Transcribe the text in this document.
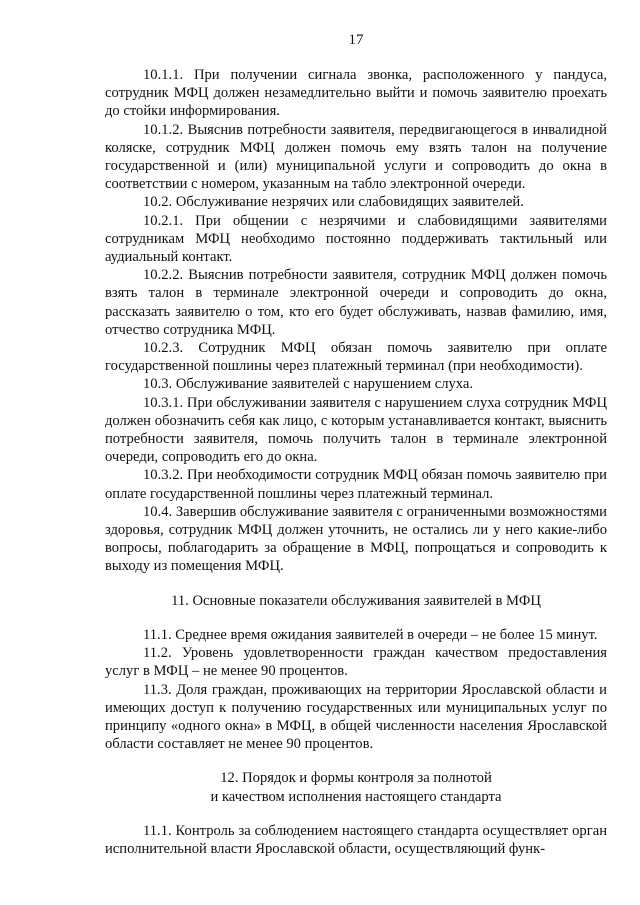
17

10.1.1. При получении сигнала звонка, расположенного у пандуса, сотрудник МФЦ должен незамедлительно выйти и помочь заявителю проехать до стойки информирования.

10.1.2. Выяснив потребности заявителя, передвигающегося в инвалидной коляске, сотрудник МФЦ должен помочь ему взять талон на получение государственной и (или) муниципальной услуги и сопроводить до окна в соответствии с номером, указанным на табло электронной очереди.

10.2. Обслуживание незрячих или слабовидящих заявителей.

10.2.1. При общении с незрячими и слабовидящими заявителями сотрудникам МФЦ необходимо постоянно поддерживать тактильный или аудиальный контакт.

10.2.2. Выяснив потребности заявителя, сотрудник МФЦ должен помочь взять талон в терминале электронной очереди и сопроводить до окна, рассказать заявителю о том, кто его будет обслуживать, назвав фамилию, имя, отчество сотрудника МФЦ.

10.2.3. Сотрудник МФЦ обязан помочь заявителю при оплате государственной пошлины через платежный терминал (при необходимости).

10.3. Обслуживание заявителей с нарушением слуха.

10.3.1. При обслуживании заявителя с нарушением слуха сотрудник МФЦ должен обозначить себя как лицо, с которым устанавливается контакт, выяснить потребности заявителя, помочь получить талон в терминале электронной очереди, сопроводить его до окна.

10.3.2. При необходимости сотрудник МФЦ обязан помочь заявителю при оплате государственной пошлины через платежный терминал.

10.4. Завершив обслуживание заявителя с ограниченными возможностями здоровья, сотрудник МФЦ должен уточнить, не остались ли у него какие-либо вопросы, поблагодарить за обращение в МФЦ, попрощаться и сопроводить к выходу из помещения МФЦ.

11. Основные показатели обслуживания заявителей в МФЦ

11.1. Среднее время ожидания заявителей в очереди – не более 15 минут.

11.2. Уровень удовлетворенности граждан качеством предоставления услуг в МФЦ – не менее 90 процентов.

11.3. Доля граждан, проживающих на территории Ярославской области и имеющих доступ к получению государственных или муниципальных услуг по принципу «одного окна» в МФЦ, в общей численности населения Ярославской области составляет не менее 90 процентов.

12. Порядок и формы контроля за полнотой
и качеством исполнения настоящего стандарта

11.1. Контроль за соблюдением настоящего стандарта осуществляет орган исполнительной власти Ярославской области, осуществляющий функ-
